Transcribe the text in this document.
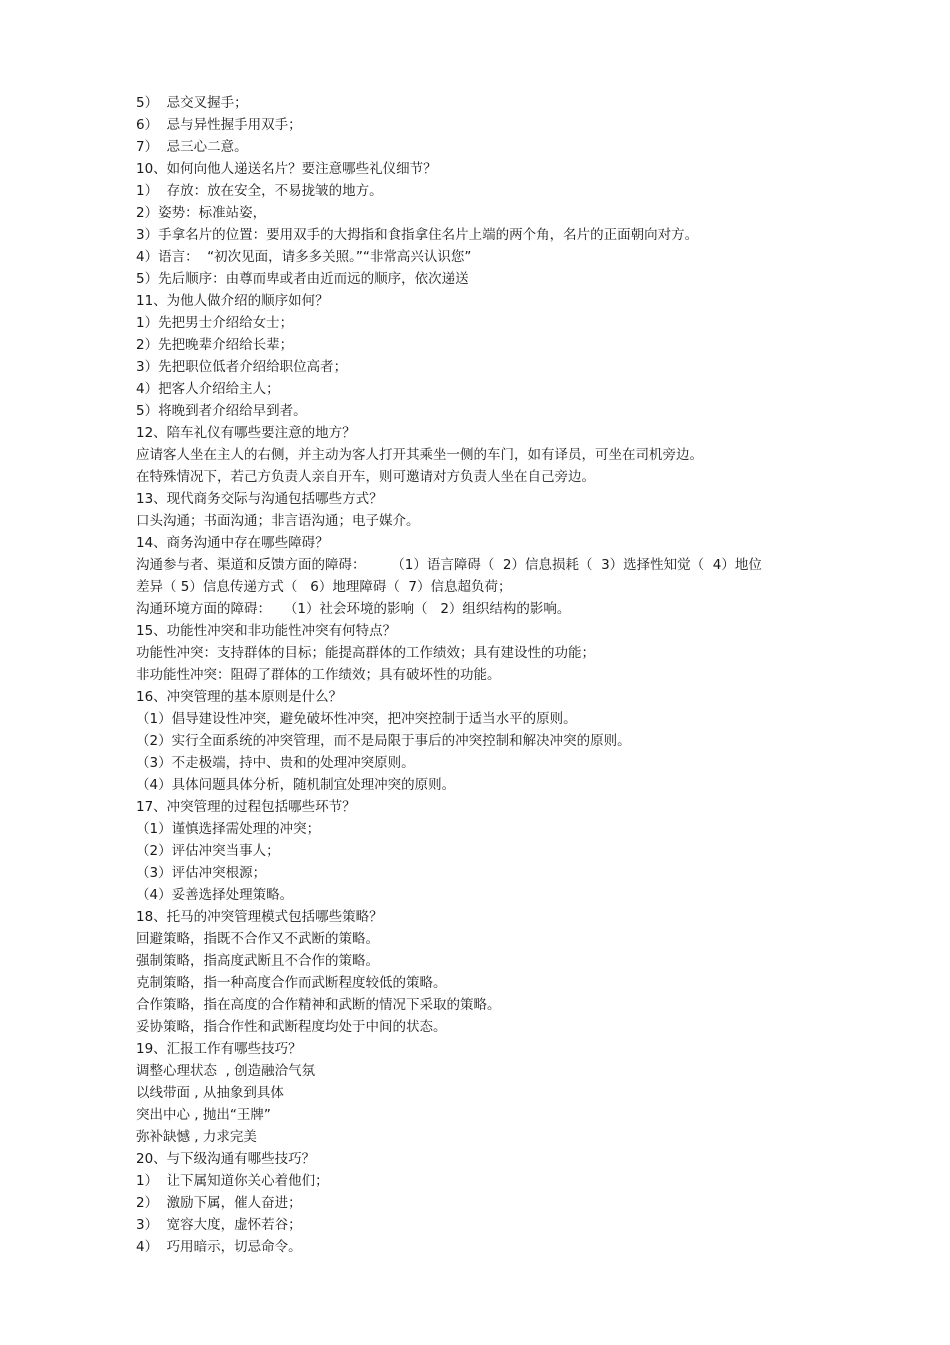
5）  忌交叉握手；
6）  忌与异性握手用双手；
7）  忌三心二意。
10、如何向他人递送名片？要注意哪些礼仪细节？
1）  存放：放在安全，不易拢皱的地方。
2）姿势：标准站姿，
3）手拿名片的位置：要用双手的大拇指和食指拿住名片上端的两个角，名片的正面朝向对方。
4）语言：  “初次见面，请多多关照。”“非常高兴认识您”
5）先后顺序：由尊而卑或者由近而远的顺序，依次递送
11、为他人做介绍的顺序如何？
1）先把男士介绍给女士；
2）先把晚辈介绍给长辈；
3）先把职位低者介绍给职位高者；
4）把客人介绍给主人；
5）将晚到者介绍给早到者。
12、陪车礼仪有哪些要注意的地方？
应请客人坐在主人的右侧，并主动为客人打开其乘坐一侧的车门，如有译员，可坐在司机旁边。
在特殊情况下，若己方负责人亲自开车，则可邀请对方负责人坐在自己旁边。
13、现代商务交际与沟通包括哪些方式？
口头沟通；书面沟通；非言语沟通；电子媒介。
14、商务沟通中存在哪些障碍？
沟通参与者、渠道和反馈方面的障碍：      （1）语言障碍（  2）信息损耗（  3）选择性知觉（  4）地位
差异（ 5）信息传递方式（   6）地理障碍（  7）信息超负荷；
沟通环境方面的障碍：   （1）社会环境的影响（   2）组织结构的影响。
15、功能性冲突和非功能性冲突有何特点？
功能性冲突：支持群体的目标；能提高群体的工作绩效；具有建设性的功能；
非功能性冲突：阻碍了群体的工作绩效；具有破坏性的功能。
16、冲突管理的基本原则是什么？
（1）倡导建设性冲突，避免破坏性冲突，把冲突控制于适当水平的原则。
（2）实行全面系统的冲突管理，而不是局限于事后的冲突控制和解决冲突的原则。
（3）不走极端，持中、贵和的处理冲突原则。
（4）具体问题具体分析，随机制宜处理冲突的原则。
17、冲突管理的过程包括哪些环节？
（1）谨慎选择需处理的冲突；
（2）评估冲突当事人；
（3）评估冲突根源；
（4）妥善选择处理策略。
18、托马的冲突管理模式包括哪些策略？
回避策略，指既不合作又不武断的策略。
强制策略，指高度武断且不合作的策略。
克制策略，指一种高度合作而武断程度较低的策略。
合作策略，指在高度的合作精神和武断的情况下采取的策略。
妥协策略，指合作性和武断程度均处于中间的状态。
19、汇报工作有哪些技巧？
调整心理状态  , 创造融洽气氛
以线带面 , 从抽象到具体
突出中心 , 抛出“王牌”
弥补缺憾 , 力求完美
20、与下级沟通有哪些技巧？
1）  让下属知道你关心着他们；
2）  激励下属，催人奋进；
3）  宽容大度，虚怀若谷；
4）  巧用暗示，切忌命令。
